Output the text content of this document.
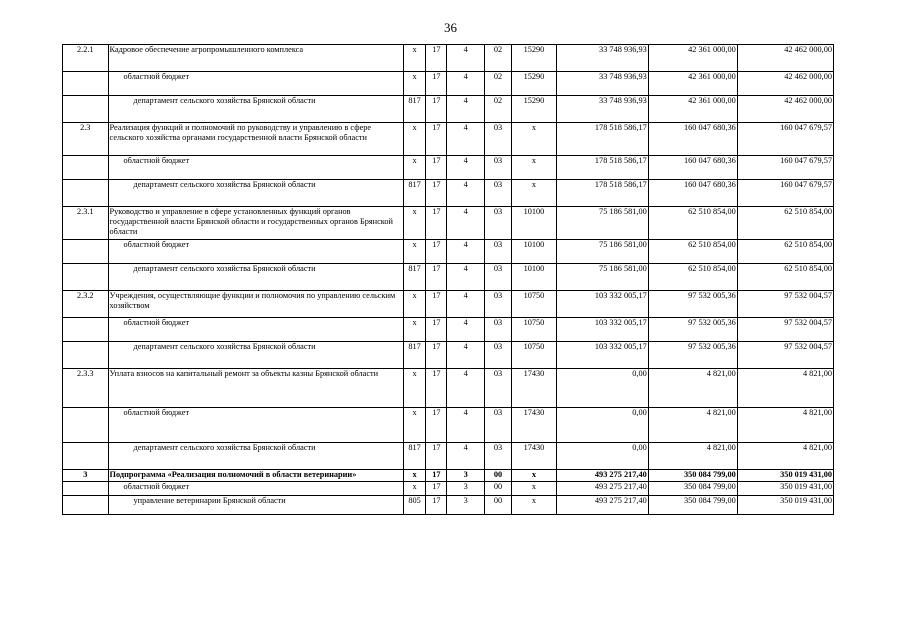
36
2.2.1	Кадровое обеспечение агропромышленного комплекса	x	17	4	02	15290	33 748 936,93	42 361 000,00	42 462 000,00

	областной бюджет	x	17	4	02	15290	33 748 936,93	42 361 000,00	42 462 000,00

	департамент сельского хозяйства Брянской области	817	17	4	02	15290	33 748 936,93	42 361 000,00	42 462 000,00
2.3	Реализация функций и полномочий по руководству и управлению в сфере сельского хозяйства органами государственной власти Брянской области	x	17	4	03	x	178 518 586,17	160 047 680,36	160 047 679,57

	областной бюджет	x	17	4	03	x	178 518 586,17	160 047 680,36	160 047 679,57

	департамент сельского хозяйства Брянской области	817	17	4	03	x	178 518 586,17	160 047 680,36	160 047 679,57
2.3.1	Руководство и управление в сфере установленных функций органов государственной власти Брянской области и государственных органов Брянской области	x	17	4	03	10100	75 186 581,00	62 510 854,00	62 510 854,00

	областной бюджет	x	17	4	03	10100	75 186 581,00	62 510 854,00	62 510 854,00

	департамент сельского хозяйства Брянской области	817	17	4	03	10100	75 186 581,00	62 510 854,00	62 510 854,00
2.3.2	Учреждения, осуществляющие функции и полномочия по управлению сельским хозяйством	x	17	4	03	10750	103 332 005,17	97 532 005,36	97 532 004,57

	областной бюджет	x	17	4	03	10750	103 332 005,17	97 532 005,36	97 532 004,57

	департамент сельского хозяйства Брянской области	817	17	4	03	10750	103 332 005,17	97 532 005,36	97 532 004,57
2.3.3	Уплата взносов на капитальный ремонт за объекты казны Брянской области	x	17	4	03	17430	0,00	4 821,00	4 821,00

	областной бюджет	x	17	4	03	17430	0,00	4 821,00	4 821,00

	департамент сельского хозяйства Брянской области	817	17	4	03	17430	0,00	4 821,00	4 821,00
3	Подпрограмма «Реализация полномочий в области ветеринарии»	x	17	3	00	x	493 275 217,40	350 084 799,00	350 019 431,00

	областной бюджет	x	17	3	00	x	493 275 217,40	350 084 799,00	350 019 431,00

	управление ветеринарии Брянской области	805	17	3	00	x	493 275 217,40	350 084 799,00	350 019 431,00
